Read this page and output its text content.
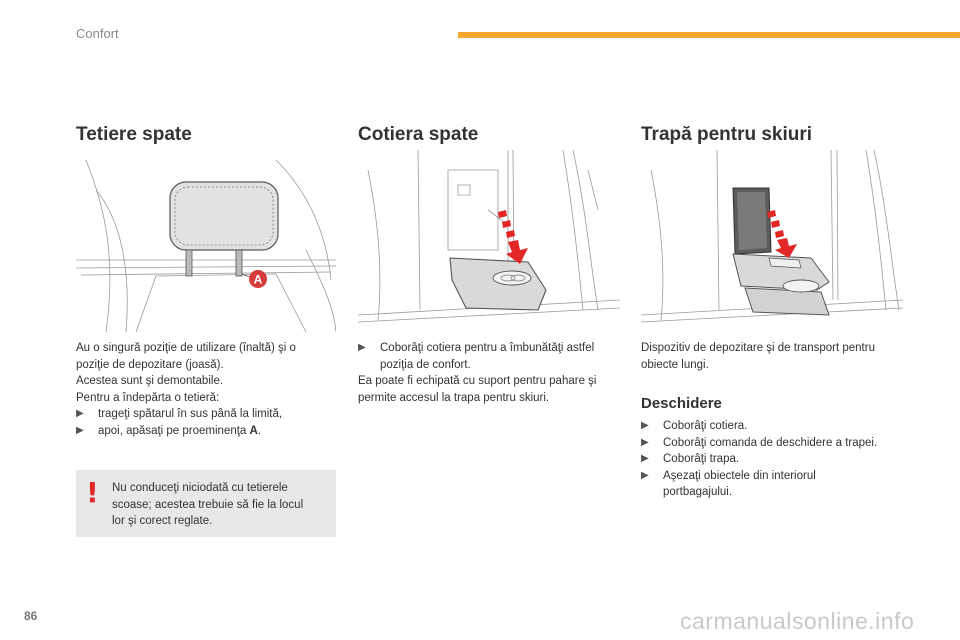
Confort
Tetiere spate
A
Au o singură poziţie de utilizare (înaltă) şi o
poziţie de depozitare (joasă).
Acestea sunt şi demontabile.
Pentru a îndepărta o tetieră:
▶ trageţi spătarul în sus până la limită,
▶ apoi, apăsaţi pe proeminenţa A.
! Nu conduceţi niciodată cu tetierele
scoase; acestea trebuie să fie la locul
lor şi corect reglate.
Cotiera spate
▶ Coborâţi cotiera pentru a îmbunătăţi astfel
poziţia de confort.
Ea poate fi echipată cu suport pentru pahare şi
permite accesul la trapa pentru skiuri.
Trapă pentru skiuri
Dispozitiv de depozitare şi de transport pentru
obiecte lungi.
Deschidere
▶ Coborâţi cotiera.
▶ Coborâţi comanda de deschidere a trapei.
▶ Coborâţi trapa.
▶ Aşezaţi obiectele din interiorul
portbagajului.
86	carmanualsonline.info
